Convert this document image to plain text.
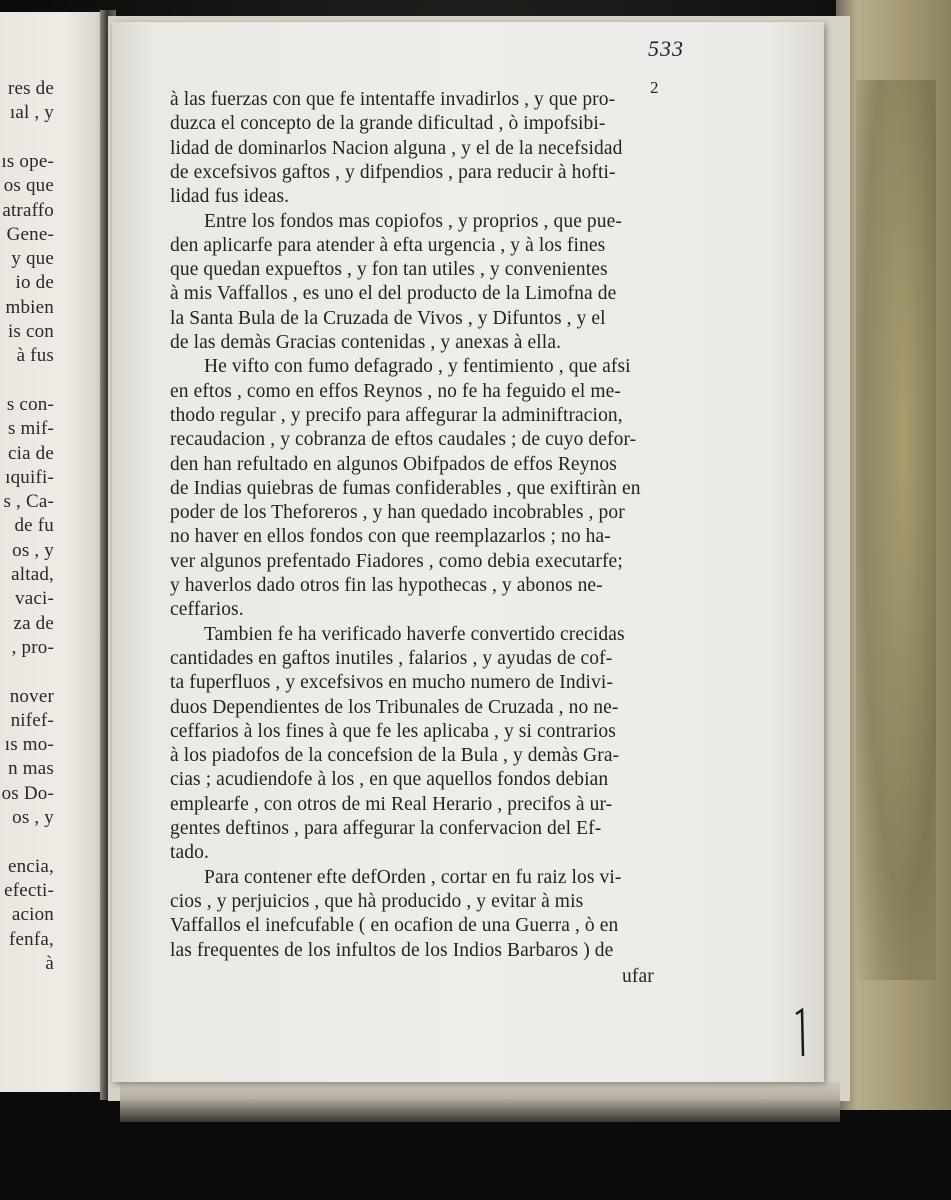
res de
ıal , y
ıs ope-
os que
atraffo
Gene-
y que
io de
mbien
is con
à fus
s con-
s mif-
cia de
ıquifi-
s , Ca-
de fu
os , y
altad,
vaci-
za de
, pro-
nover
nifef-
ıs mo-
n mas
os Do-
os , y
encia,
efecti-
acion
fenfa,
à
533
2
à las fuerzas con que fe intentaffe invadirlos , y que pro-
duzca el concepto de la grande dificultad , ò impofsibi-
lidad de dominarlos Nacion alguna , y el de la necefsidad
de excefsivos gaftos , y difpendios , para reducir à hofti-
lidad fus ideas.
Entre los fondos mas copiofos , y proprios , que pue-
den aplicarfe para atender à efta urgencia , y à los fines
que quedan expueftos , y fon tan utiles , y convenientes
à mis Vaffallos , es uno el del producto de la Limofna de
la Santa Bula de la Cruzada de Vivos , y Difuntos , y el
de las demàs Gracias contenidas , y anexas à ella.
He vifto con fumo defagrado , y fentimiento , que afsi
en eftos , como en effos Reynos , no fe ha feguido el me-
thodo regular , y precifo para affegurar la adminiftracion,
recaudacion , y cobranza de eftos caudales ; de cuyo defor-
den han refultado en algunos Obifpados de effos Reynos
de Indias quiebras de fumas confiderables , que exiftiràn en
poder de los Theforeros , y han quedado incobrables , por
no haver en ellos fondos con que reemplazarlos ; no ha-
ver algunos prefentado Fiadores , como debia executarfe;
y haverlos dado otros fin las hypothecas , y abonos ne-
ceffarios.
Tambien fe ha verificado haverfe convertido crecidas
cantidades en gaftos inutiles , falarios , y ayudas de cof-
ta fuperfluos , y excefsivos en mucho numero de Indivi-
duos Dependientes de los Tribunales de Cruzada , no ne-
ceffarios à los fines à que fe les aplicaba , y si contrarios
à los piadofos de la concefsion de la Bula , y demàs Gra-
cias ; acudiendofe à los , en que aquellos fondos debian
emplearfe , con otros de mi Real Herario , precifos à ur-
gentes deftinos , para affegurar la confervacion del Ef-
tado.
Para contener efte defOrden , cortar en fu raiz los vi-
cios , y perjuicios , que hà producido , y evitar à mis
Vaffallos el inefcufable ( en ocafion de una Guerra , ò en
las frequentes de los infultos de los Indios Barbaros ) de
ufar
